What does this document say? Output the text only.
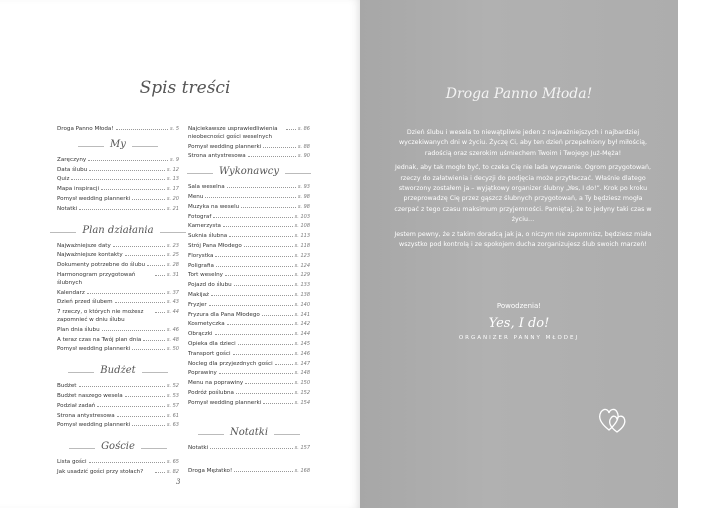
Spis treści
Droga Panno Młoda!	s. 5
My
Zaręczyny	s. 9
Data ślubu	s. 12
Quiz	s. 13
Mapa inspiracji	s. 17
Pomysł wedding plannerki	s. 20
Notatki	s. 21
Plan działania
Najważniejsze daty	s. 23
Najważniejsze kontakty	s. 25
Dokumenty potrzebne do ślubu	s. 28
Harmonogram przygotowań ślubnych
s. 31
Kalendarz	s. 37
Dzień przed ślubem	s. 43
7 rzeczy, o których nie możesz zapomnieć w dniu ślubu
s. 44
Plan dnia ślubu	s. 46
A teraz czas na Twój plan dnia	s. 48
Pomysł wedding plannerki	s. 50
Budżet
Budżet	s. 52
Budżet naszego wesela	s. 53
Podział zadań	s. 57
Strona antystresowa	s. 61
Pomysł wedding plannerki	s. 63
Goście
Lista gości	s. 65
Jak usadzić gości przy stołach?	s. 82
Najciekawsze usprawiedliwienia nieobecności gości weselnych
s. 86
Pomysł wedding plannerki	s. 88
Strona antystresowa	s. 90
Wykonawcy
Sala weselna	s. 93
Menu	s. 98
Muzyka na weselu	s. 98
Fotograf	s. 103
Kamerzysta	s. 108
Suknia ślubna	s. 113
Strój Pana Młodego	s. 118
Florystka	s. 123
Poligrafia	s. 124
Tort weselny	s. 129
Pojazd do ślubu	s. 133
Makijaż	s. 138
Fryzjer	s. 140
Fryzura dla Pana Młodego	s. 141
Kosmetyczka	s. 142
Obrączki	s. 144
Opieka dla dzieci	s. 145
Transport gości	s. 146
Nocleg dla przyjezdnych gości	s. 147
Poprawiny	s. 148
Menu na poprawiny	s. 150
Podróż poślubna	s. 152
Pomysł wedding plannerki	s. 154
Notatki
Notatki	s. 157
Droga Mężatko!	s. 168
3
Droga Panno Młoda!

Dzień ślubu i wesela to niewątpliwie jeden z najważniejszych i najbardziej wyczekiwanych dni w życiu. Życzę Ci, aby ten dzień przepełniony był miłością, radością oraz szerokim uśmiechem Twoim i Twojego Już-Męża!

Jednak, aby tak mogło być, to czeka Cię nie lada wyzwanie. Ogrom przygotowań, rzeczy do załatwienia i decyzji do podjęcia może przytłaczać. Właśnie dlatego stworzony zostałem ja – wyjątkowy organizer ślubny „Yes, I do!”. Krok po kroku przeprowadzę Cię przez gąszcz ślubnych przygotowań, a Ty będziesz mogła czerpać z tego czasu maksimum przyjemności. Pamiętaj, że to jedyny taki czas w życiu…

Jestem pewny, że z takim doradcą jak ja, o niczym nie zapomnisz, będziesz miała wszystko pod kontrolą i ze spokojem ducha zorganizujesz ślub swoich marzeń!

Powodzenia!
Yes, I do!
ORGANIZER PANNY MŁODEJ
